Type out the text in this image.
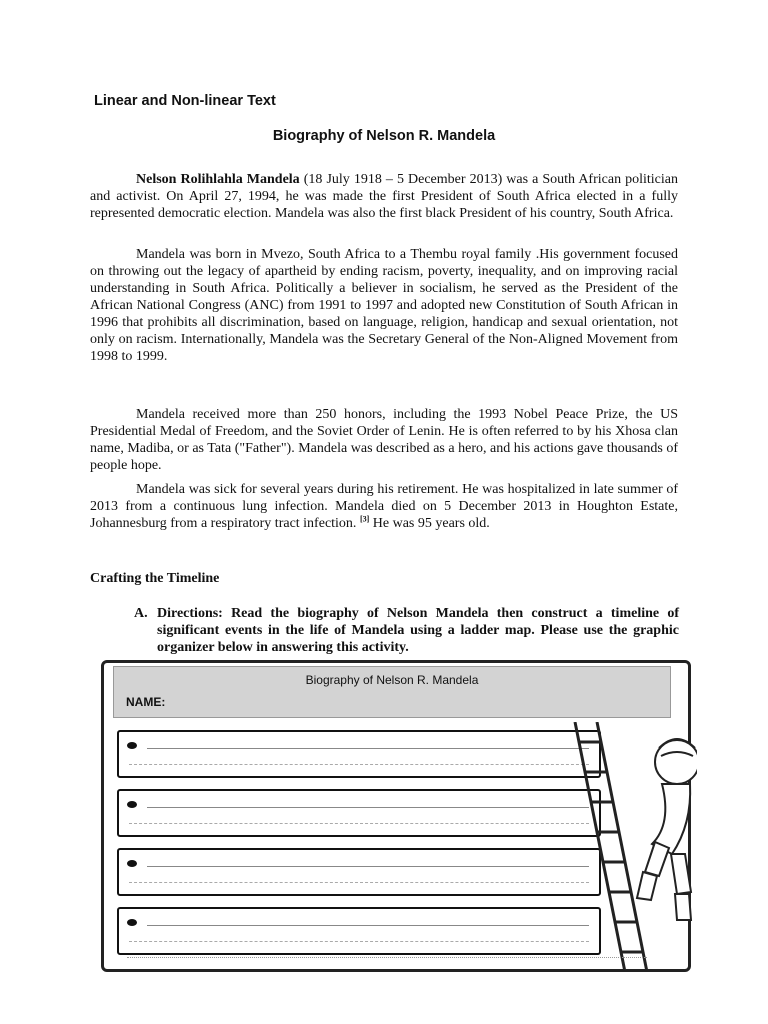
Linear and Non-linear Text
Biography of Nelson R. Mandela

Nelson Rolihlahla Mandela (18 July 1918 – 5 December 2013) was a South African politician and activist. On April 27, 1994, he was made the first President of South Africa elected in a fully represented democratic election. Mandela was also the first black President of his country, South Africa.

Mandela was born in Mvezo, South Africa to a Thembu royal family .His government focused on throwing out the legacy of apartheid by ending racism, poverty, inequality, and on improving racial understanding in South Africa. Politically a believer in socialism, he served as the President of the African National Congress (ANC) from 1991 to 1997 and adopted new Constitution of South African in 1996 that prohibits all discrimination, based on language, religion, handicap and sexual orientation, not only on racism. Internationally, Mandela was the Secretary General of the Non-Aligned Movement from 1998 to 1999.

Mandela received more than 250 honors, including the 1993 Nobel Peace Prize, the US Presidential Medal of Freedom, and the Soviet Order of Lenin. He is often referred to by his Xhosa clan name, Madiba, or as Tata ("Father"). Mandela was described as a hero, and his actions gave thousands of people hope.

Mandela was sick for several years during his retirement. He was hospitalized in late summer of 2013 from a continuous lung infection. Mandela died on 5 December 2013 in Houghton Estate, Johannesburg from a respiratory tract infection. [3] He was 95 years old.

Crafting the Timeline
A. Directions: Read the biography of Nelson Mandela then construct a timeline of significant events in the life of Mandela using a ladder map. Please use the graphic organizer below in answering this activity.
Biography of Nelson R. Mandela
NAME:
